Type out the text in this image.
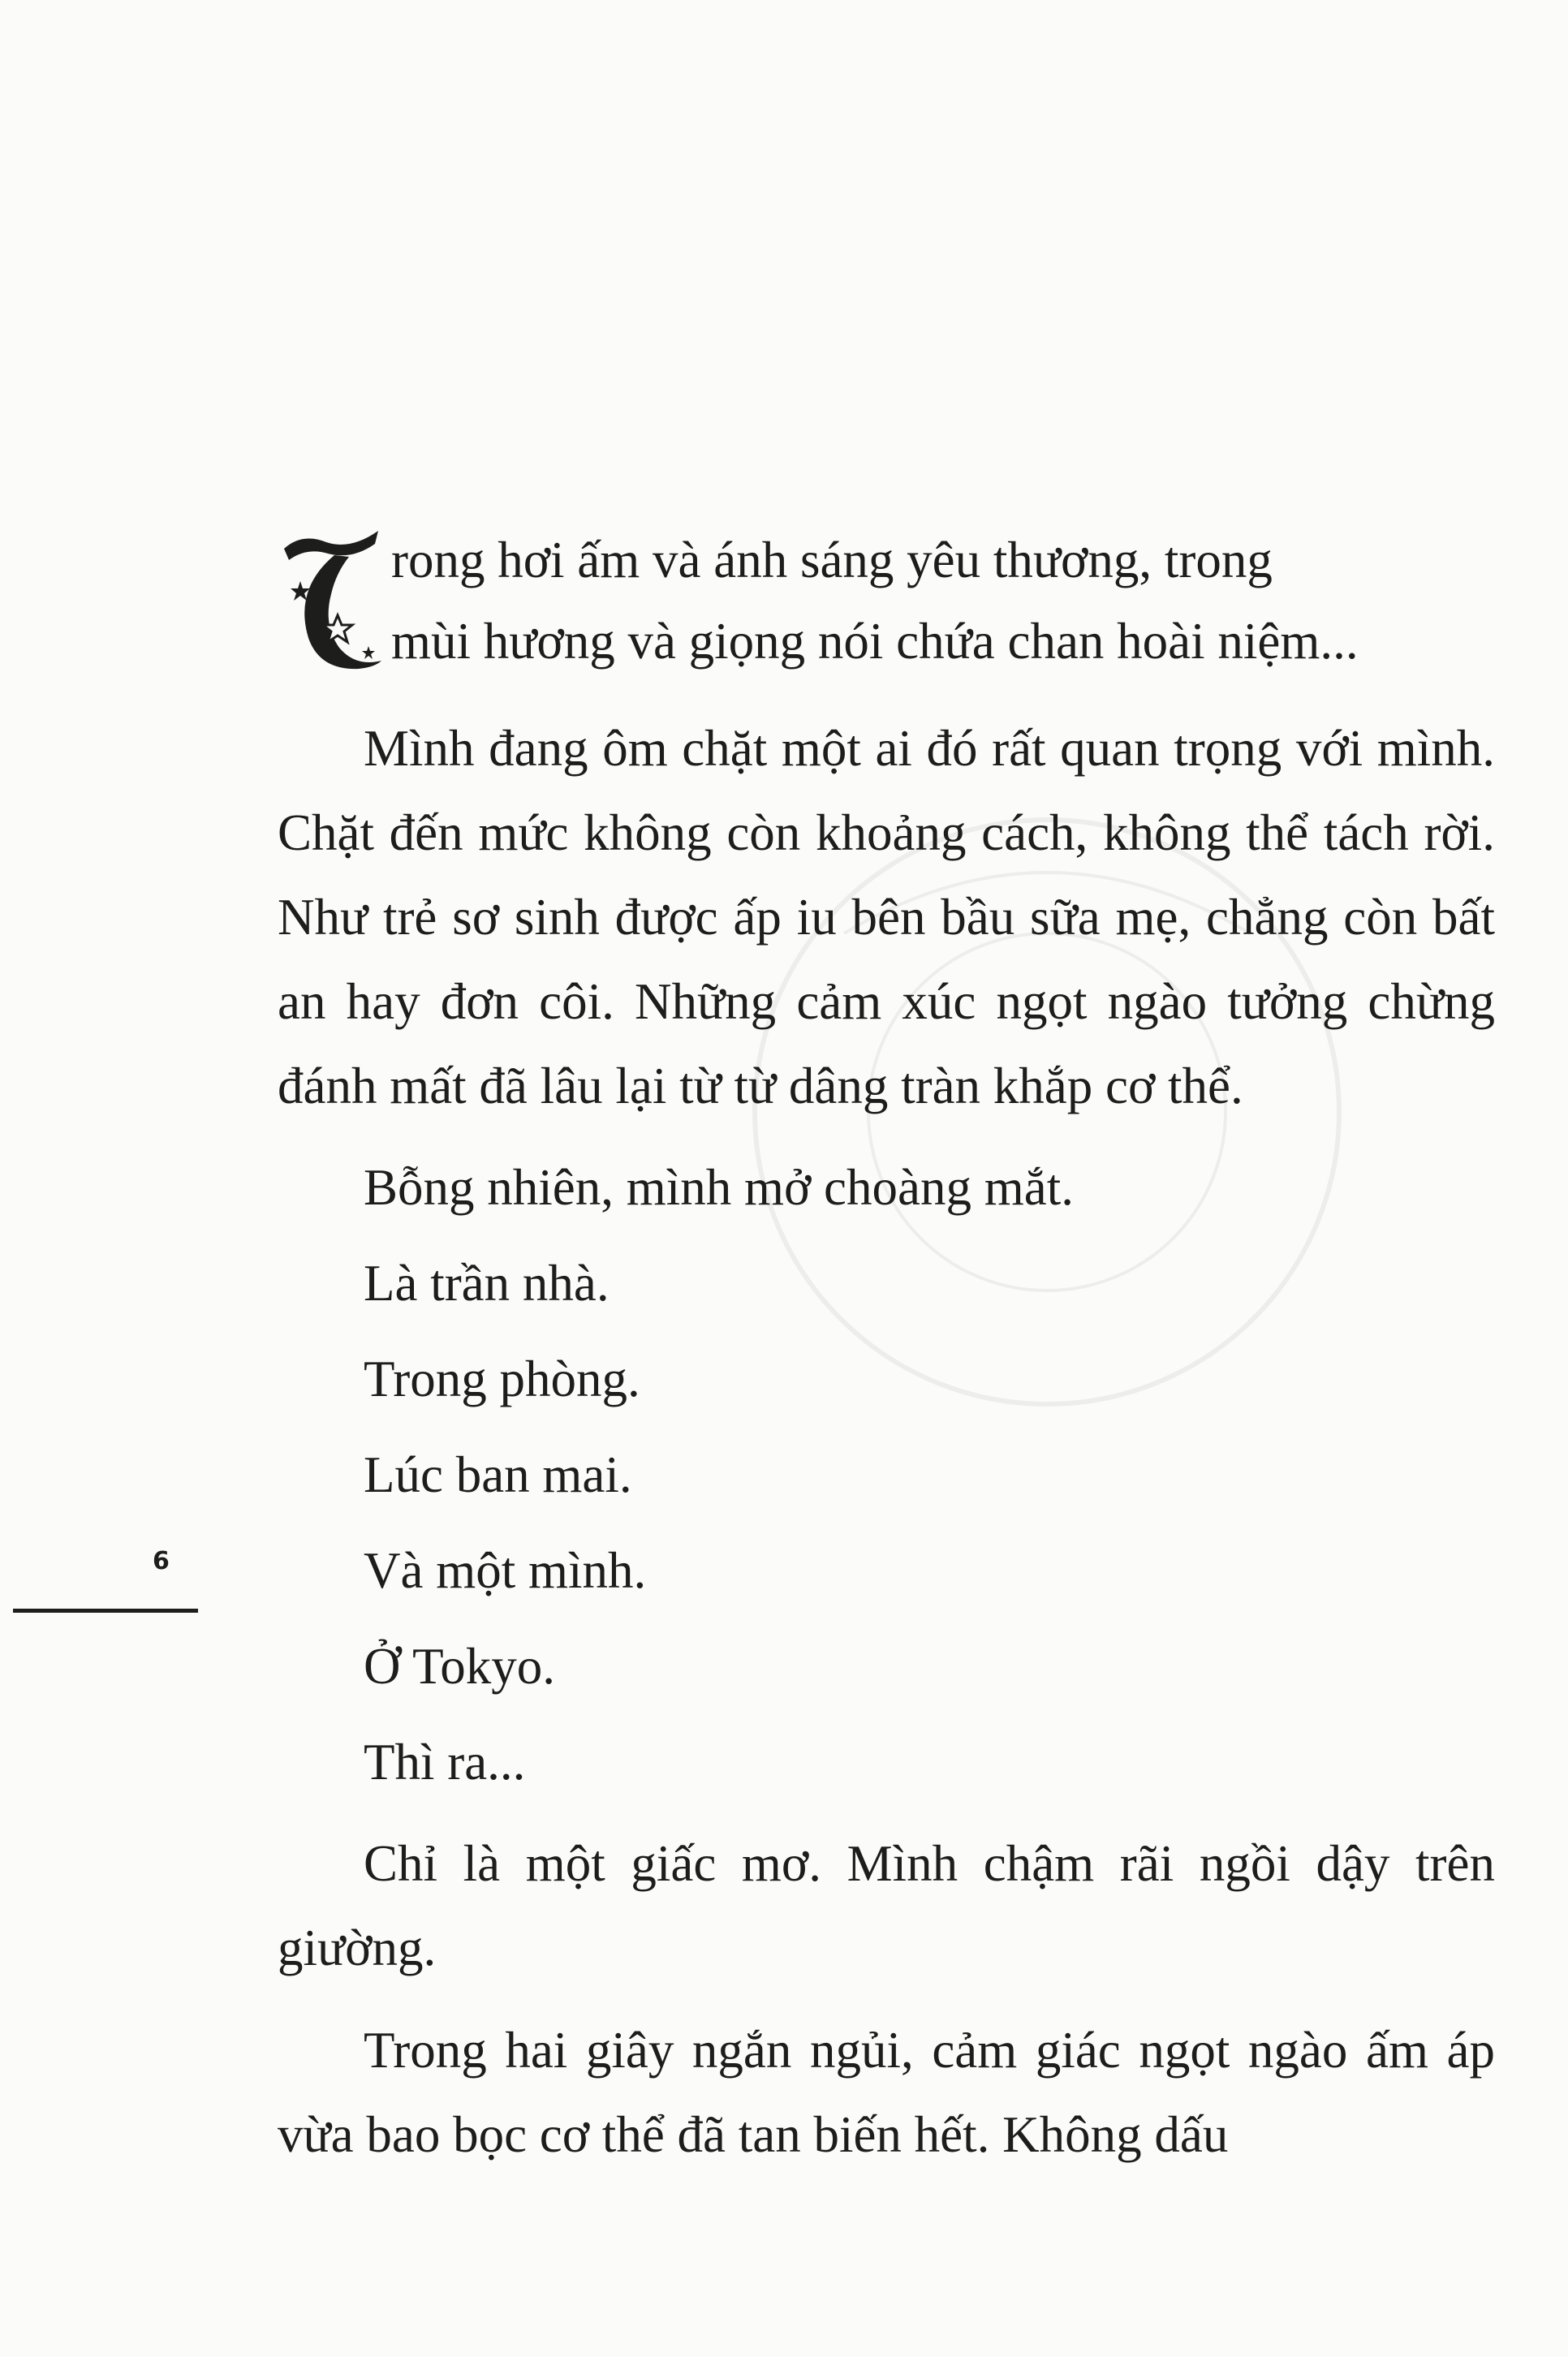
rong hơi ấm và ánh sáng yêu thương, trong
mùi hương và giọng nói chứa chan hoài niệm...

Mình đang ôm chặt một ai đó rất quan trọng với mình. Chặt đến mức không còn khoảng cách, không thể tách rời. Như trẻ sơ sinh được ấp iu bên bầu sữa mẹ, chẳng còn bất an hay đơn côi. Những cảm xúc ngọt ngào tưởng chừng đánh mất đã lâu lại từ từ dâng tràn khắp cơ thể.

Bỗng nhiên, mình mở choàng mắt.

Là trần nhà.

Trong phòng.

Lúc ban mai.

Và một mình.

Ở Tokyo.

Thì ra...

Chỉ là một giấc mơ. Mình chậm rãi ngồi dậy trên giường.

Trong hai giây ngắn ngủi, cảm giác ngọt ngào ấm áp vừa bao bọc cơ thể đã tan biến hết. Không dấu

6
